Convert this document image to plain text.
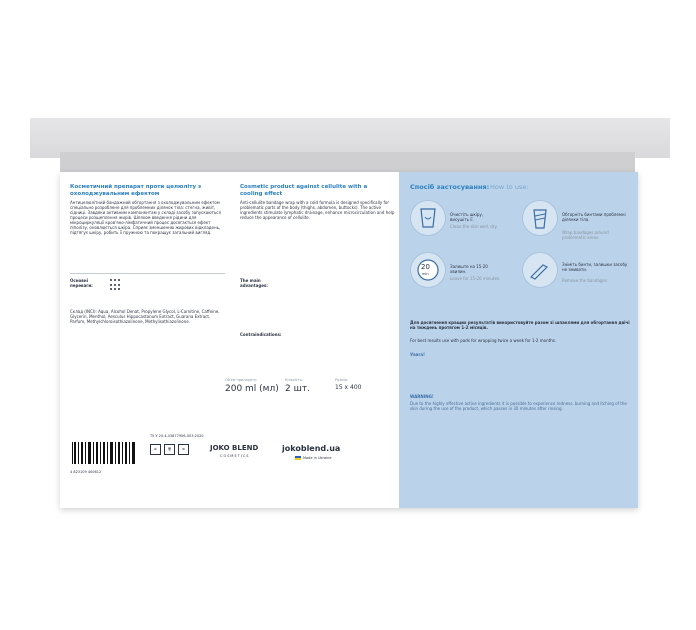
Косметичний препарат проти целюліту з охолоджувальним ефектом
Антицелюлітний бандажний обгортання з охолоджувальним ефектом спеціально розроблене для проблемних ділянок тіла: стегна, живіт, сідниці. Завдяки активним компонентам у складі засобу запускаються процеси розщеплення жирів. Шляхом введення рідини для мікроциркуляції кров'яно-лімфатичний процес досягається ефект ліполізу, оновлюється шкіра. Сприяє зменшенню жирових відкладень, підтягує шкіру, робить її пружною та покращує загальний вигляд.
Основні переваги:
Склад (INCI): Aqua, Alcohol Denat, Propylene Glycol, L-Carnitine, Caffeine, Glycerin, Menthol, Aesculus Hippocastanum Extract, Guarana Extract, Parfum, Methylchloroisothiazolinone, Methylisothiazolinone.
Об'єм препарату:
200 ml (мл)
Кількість:
2 шт.
Розмір:
15 x 400
Cosmetic product against cellulite with a cooling effect
Anti-cellulite bandage wrap with a cold formula is designed specifically for problematic parts of the body (thighs, abdomen, buttocks). The active ingredients stimulate lymphatic drainage, enhance microcirculation and help reduce the appearance of cellulite.
The main advantages:
Contraindications:
ТУ У 20.4-43877956-003:2020
4 823109 400612
♻	🗑	✿	JOKO BLEND
COSMETICS
jokoblend.ua
Made in Ukraine
Спосіб застосування: How to use:
Очистіть шкіру, висушіть її.
Clean the skin well, dry.
Обгорніть бинтами проблемні ділянки тіла.
Wrap bandages around problematic areas.
20
min
Залиште на 15-20 хвилин.
Leave for 15-20 minutes.
Зніміть бинти, залишки засобу не змивати.
Remove the bandages.
Для досягнення кращих результатів використовуйте разом зі шпаклями для обгортання двічі на тиждень протягом 1-2 місяців.
For best results use with pads for wrapping twice a week for 1-2 months.
Увага!
WARNING!
Due to the highly effective active ingredients it is possible to experience redness, burning and itching of the skin during the use of the product, which passes in 30 minutes after rinsing.
